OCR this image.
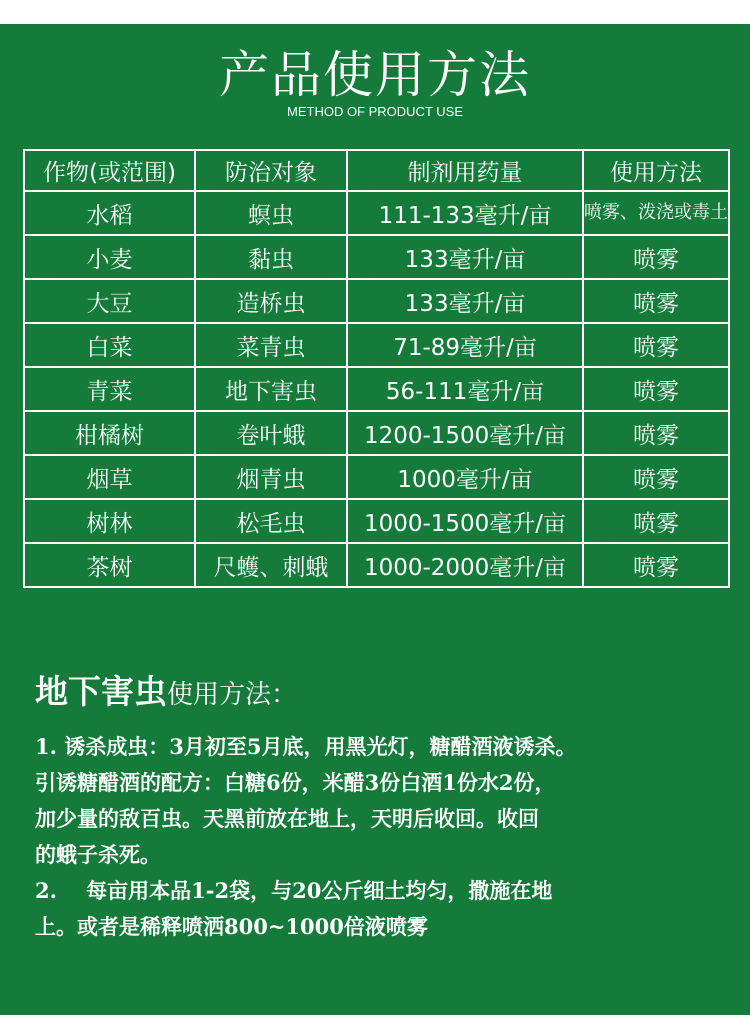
产品使用方法
METHOD OF PRODUCT USE
作物(或范围)	防治对象	制剂用药量	使用方法
水稻	螟虫	111-133毫升/亩	喷雾、泼浇或毒土
小麦	黏虫	133毫升/亩	喷雾
大豆	造桥虫	133毫升/亩	喷雾
白菜	菜青虫	71-89毫升/亩	喷雾
青菜	地下害虫	56-111毫升/亩	喷雾
柑橘树	卷叶蛾	1200-1500毫升/亩	喷雾
烟草	烟青虫	1000毫升/亩	喷雾
树林	松毛虫	1000-1500毫升/亩	喷雾
茶树	尺蠖、刺蛾	1000-2000毫升/亩	喷雾
地下害虫使用方法：

1. 诱杀成虫：3月初至5月底，用黑光灯，糖醋酒液诱杀。

引诱糖醋酒的配方：白糖6份，米醋3份白酒1份水2份，

加少量的敌百虫。天黑前放在地上，天明后收回。收回

的蛾子杀死。

2.    每亩用本品1-2袋，与20公斤细土均匀，撒施在地

上。或者是稀释喷洒800~1000倍液喷雾
